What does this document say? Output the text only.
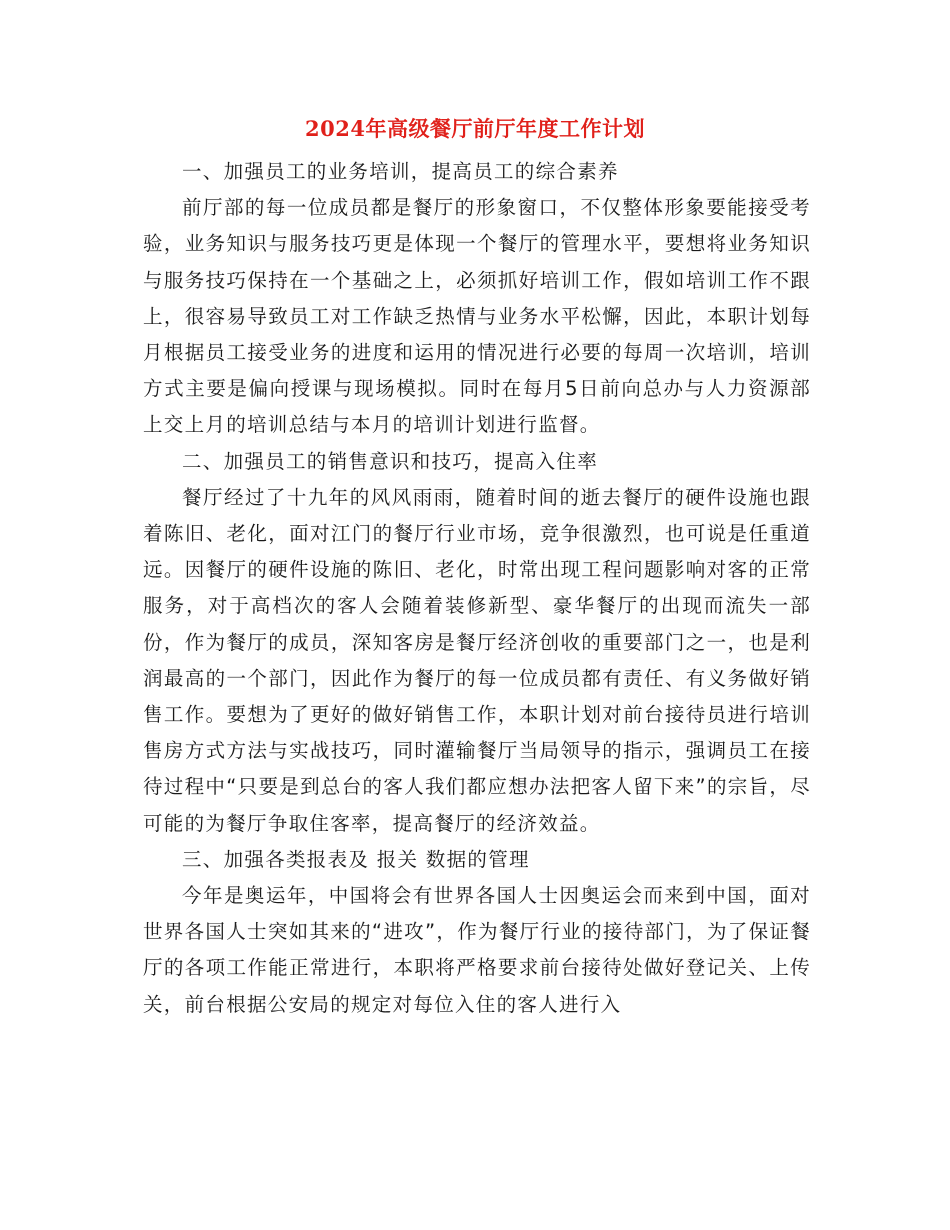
2024年高级餐厅前厅年度工作计划

一、加强员工的业务培训，提高员工的综合素养

前厅部的每一位成员都是餐厅的形象窗口，不仅整体形象要能接受考验，业务知识与服务技巧更是体现一个餐厅的管理水平，要想将业务知识与服务技巧保持在一个基础之上，必须抓好培训工作，假如培训工作不跟上，很容易导致员工对工作缺乏热情与业务水平松懈，因此，本职计划每月根据员工接受业务的进度和运用的情况进行必要的每周一次培训，培训方式主要是偏向授课与现场模拟。同时在每月5日前向总办与人力资源部上交上月的培训总结与本月的培训计划进行监督。

二、加强员工的销售意识和技巧，提高入住率

餐厅经过了十九年的风风雨雨，随着时间的逝去餐厅的硬件设施也跟着陈旧、老化，面对江门的餐厅行业市场，竞争很激烈，也可说是任重道远。因餐厅的硬件设施的陈旧、老化，时常出现工程问题影响对客的正常服务，对于高档次的客人会随着装修新型、豪华餐厅的出现而流失一部份，作为餐厅的成员，深知客房是餐厅经济创收的重要部门之一，也是利润最高的一个部门，因此作为餐厅的每一位成员都有责任、有义务做好销售工作。要想为了更好的做好销售工作，本职计划对前台接待员进行培训售房方式方法与实战技巧，同时灌输餐厅当局领导的指示，强调员工在接待过程中“只要是到总台的客人我们都应想办法把客人留下来”的宗旨，尽可能的为餐厅争取住客率，提高餐厅的经济效益。

三、加强各类报表及 报关 数据的管理

今年是奥运年，中国将会有世界各国人士因奥运会而来到中国，面对世界各国人士突如其来的“进攻”，作为餐厅行业的接待部门，为了保证餐厅的各项工作能正常进行，本职将严格要求前台接待处做好登记关、上传关，前台根据公安局的规定对每位入住的客人进行入
